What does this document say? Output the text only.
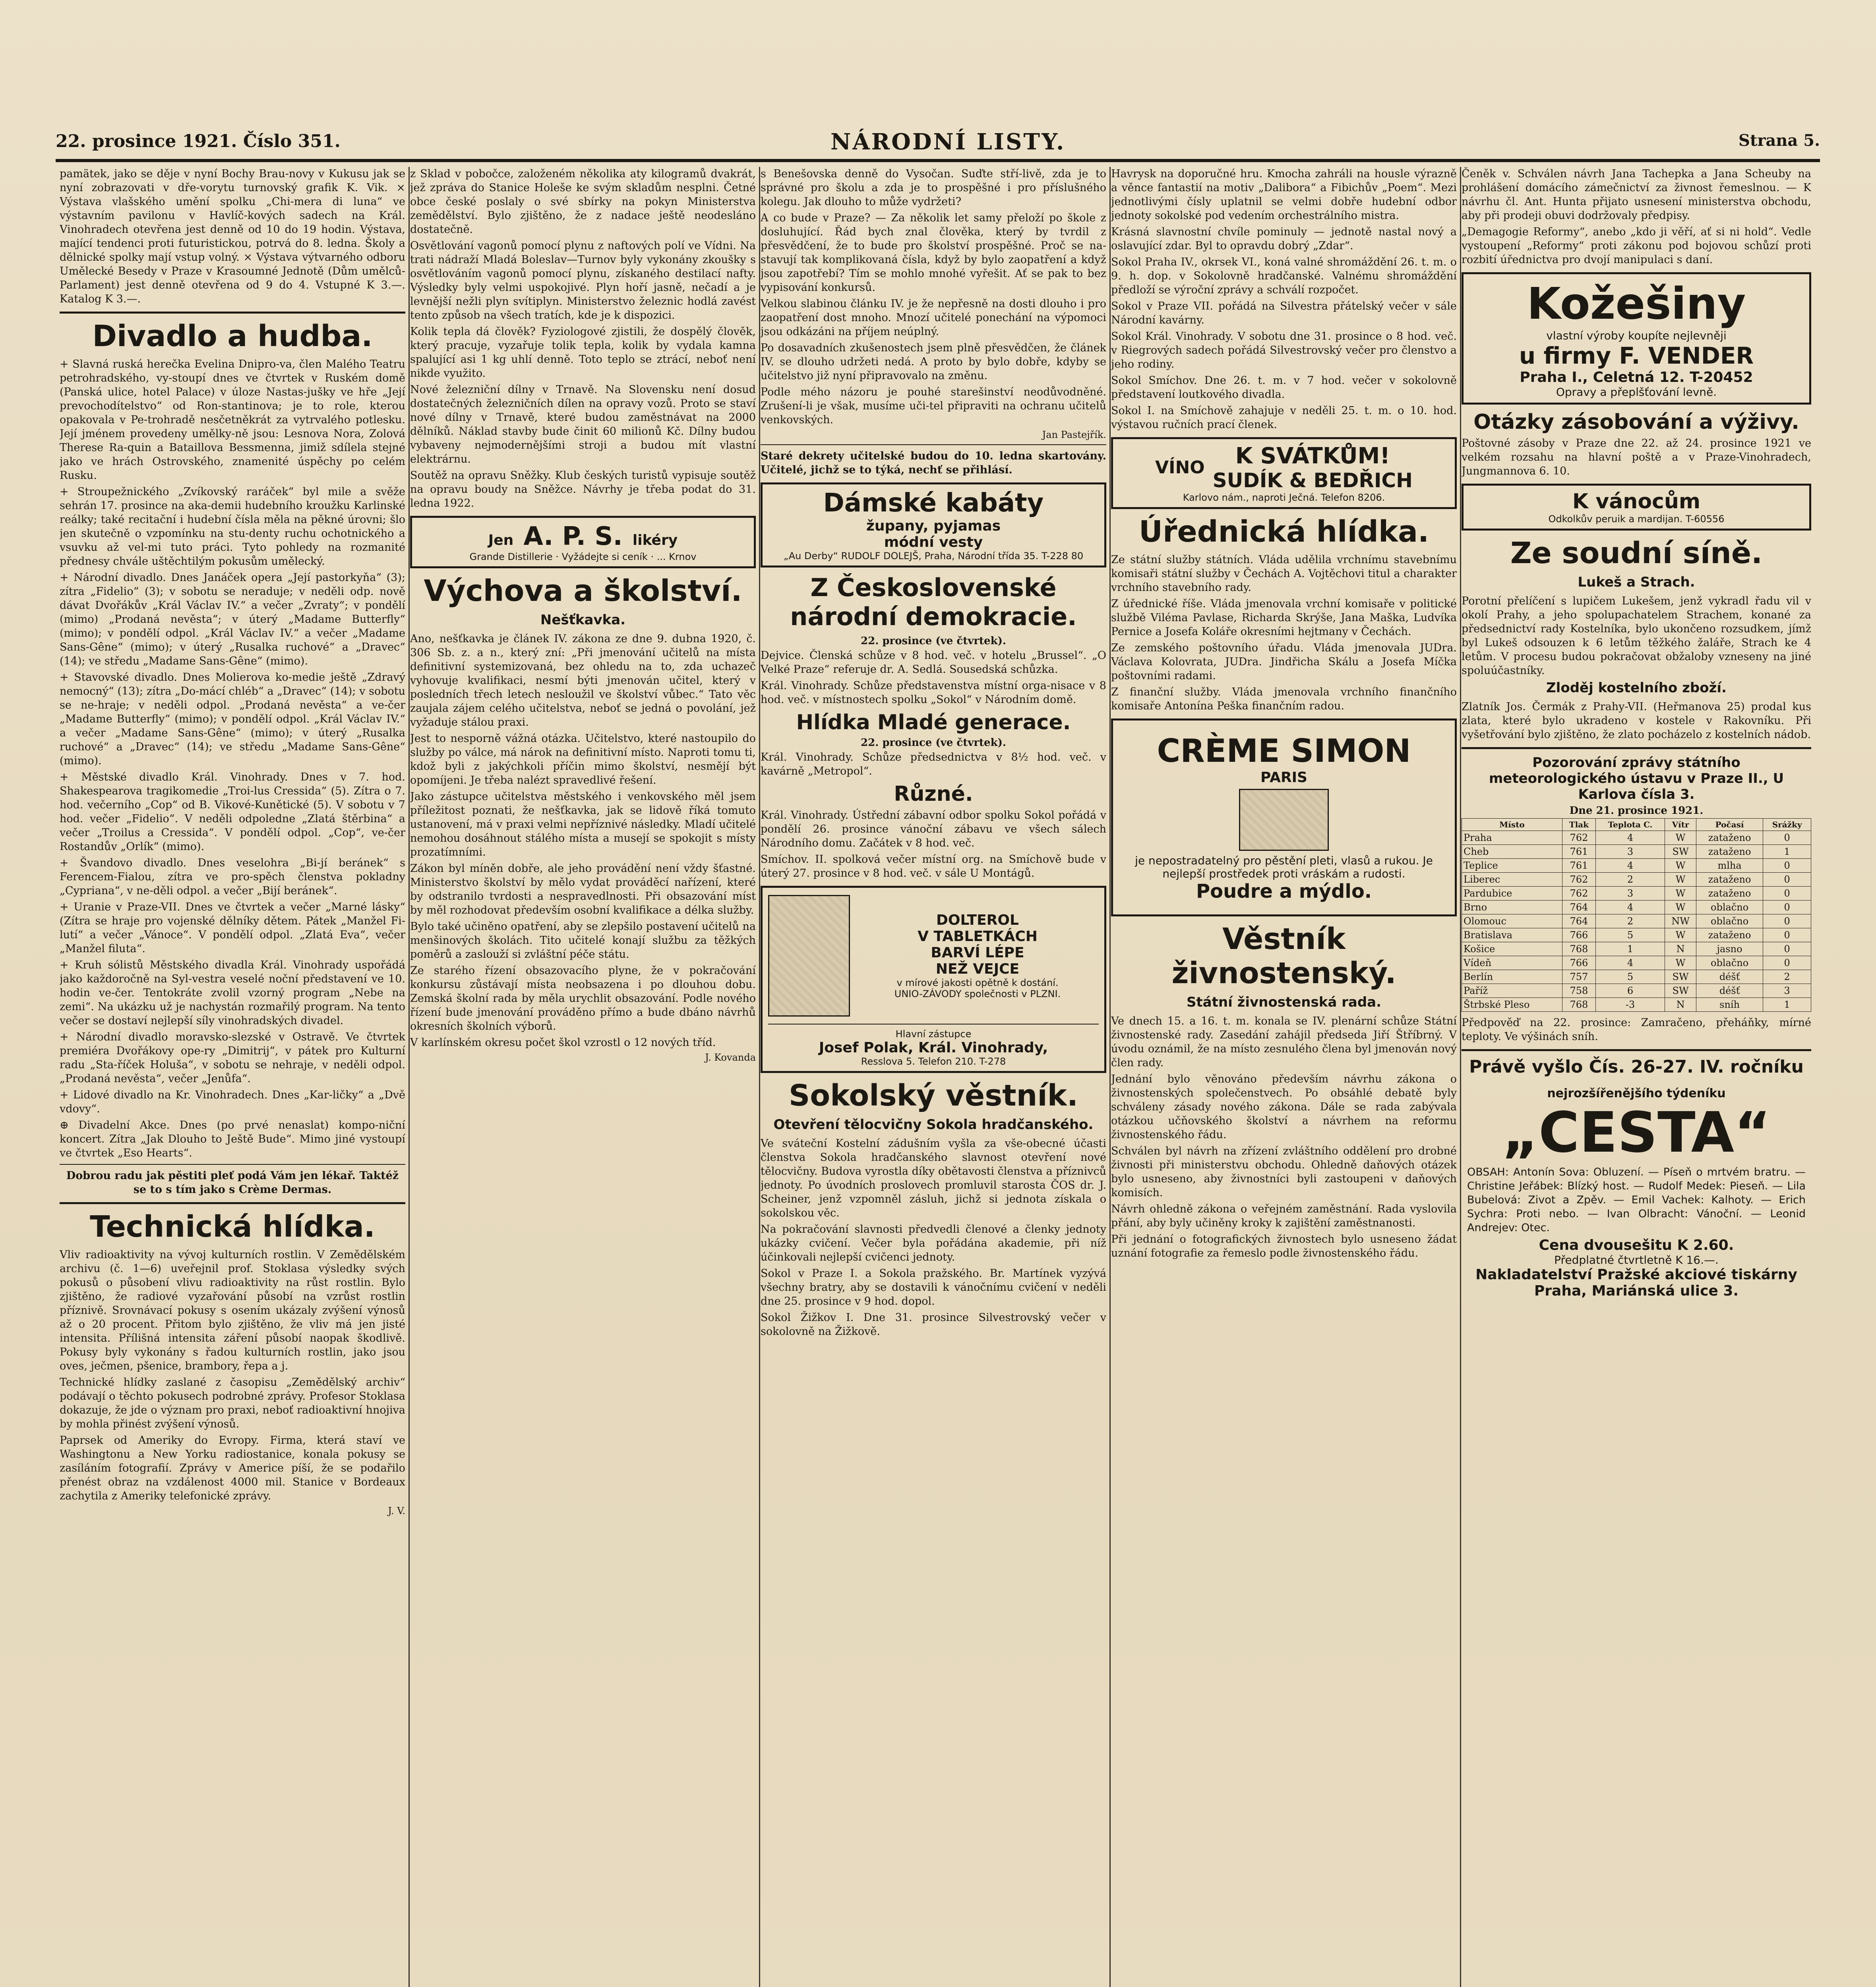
22. prosince 1921. Číslo 351.	NÁRODNÍ LISTY.	Strana 5.

pamätek, jako se děje v nyní Bochy Brau-novy v Kukusu jak se nyní zobrazovati v dře-vorytu turnovský grafik K. Vik. × Výstava vlašského umění spolku „Chi-mera di luna“ ve výstavním pavilonu v Havlíč-kových sadech na Král. Vinohradech otevřena jest denně od 10 do 19 hodin. Výstava, mající tendenci proti futuristickou, potrvá do 8. ledna. Školy a dělnické spolky mají vstup volný. × Výstava výtvarného odboru Umělecké Besedy v Praze v Krasoumné Jednotě (Dům umělců-Parlament) jest denně otevřena od 9 do 4. Vstupné K 3.—. Katalog K 3.—.

Divadlo a hudba.

+ Slavná ruská herečka Evelina Dnipro-va, člen Malého Teatru petrohradského, vy-stoupí dnes ve čtvrtek v Ruském domě (Panská ulice, hotel Palace) v úloze Nastas-jušky ve hře „Její prevochodítelstvo“ od Ron-stantinova; je to role, kterou opakovala v Pe-trohradě nesčetněkrát za vytrvalého potlesku. Její jménem provedeny umělky-ně jsou: Lesnova Nora, Zolová Therese Ra-quin a Bataillova Bessmenna, jimiž sdílela stejné jako ve hrách Ostrovského, znamenité úspěchy po celém Rusku.

+ Stroupežnického „Zvíkovský raráček“ byl mile a svěže sehrán 17. prosince na aka-demii hudebního kroužku Karlinské reálky; také recitační i hudební čísla měla na pěkné úrovni; šlo jen skutečně o vzpomínku na stu-denty ruchu ochotnického a vsuvku až vel-mi tuto práci. Tyto pohledy na rozmanité přednesy chvále uštěchtilým pokusům umělecký.

+ Národní divadlo. Dnes Janáček opera „Její pastorkyňa“ (3); zítra „Fidelio“ (3); v sobotu se neraduje; v neděli odp. nově dávat Dvořákův „Král Václav IV.“ a večer „Zvraty“; v pondělí (mimo) „Prodaná nevěsta“; v úterý „Madame Butterfly“ (mimo); v pondělí odpol. „Král Václav IV.“ a večer „Madame Sans-Gêne“ (mimo); v úterý „Rusalka ruchové“ a „Dravec“ (14); ve středu „Madame Sans-Gêne“ (mimo).

+ Stavovské divadlo. Dnes Molierova ko-medie ještě „Zdravý nemocný“ (13); zítra „Do-mácí chléb“ a „Dravec“ (14); v sobotu se ne-hraje; v neděli odpol. „Prodaná nevěsta“ a ve-čer „Madame Butterfly“ (mimo); v pondělí odpol. „Král Václav IV.“ a večer „Madame Sans-Gêne“ (mimo); v úterý „Rusalka ruchové“ a „Dravec“ (14); ve středu „Madame Sans-Gêne“ (mimo).

+ Městské divadlo Král. Vinohrady. Dnes v 7. hod. Shakespearova tragikomedie „Troi-lus Cressida“ (5). Zítra o 7. hod. večerního „Cop“ od B. Vikové-Kunětické (5). V sobotu v 7 hod. večer „Fidelio“. V neděli odpoledne „Zlatá štěrbina“ a večer „Troilus a Cressida“. V pondělí odpol. „Cop“, ve-čer Rostandův „Orlík“ (mimo).

+ Švandovo divadlo. Dnes veselohra „Bi-jí beránek“ s Ferencem-Fialou, zítra ve pro-spěch členstva pokladny „Cypriana“, v ne-děli odpol. a večer „Bijí beránek“.

+ Uranie v Praze-VII. Dnes ve čtvrtek a večer „Marné lásky“ (Zítra se hraje pro vojenské dělníky dětem. Pátek „Manžel Fi-lutí“ a večer „Vánoce“. V pondělí odpol. „Zlatá Eva“, večer „Manžel filuta“.

+ Kruh sólistů Městského divadla Král. Vinohrady uspořádá jako každoročně na Syl-vestra veselé noční představení ve 10. hodin ve-čer. Tentokráte zvolil vzorný program „Nebe na zemi“. Na ukázku už je nachystán rozmařilý program. Na tento večer se dostaví nejlepší síly vinohradských divadel.

+ Národní divadlo moravsko-slezské v Ostravě. Ve čtvrtek premiéra Dvořákovy ope-ry „Dimitrij“, v pátek pro Kulturní radu „Sta-říček Holuša“, v sobotu se nehraje, v neděli odpol. „Prodaná nevěsta“, večer „Jenůfa“.

+ Lidové divadlo na Kr. Vinohradech. Dnes „Kar-ličky“ a „Dvě vdovy“.

⊕ Divadelní Akce. Dnes (po prvé nenaslat) kompo-niční koncert. Zítra „Jak Dlouho to Ještě Bude“. Mimo jiné vystoupí ve čtvrtek „Eso Hearts“.

Dobrou radu jak pěstiti pleť podá Vám jen lékař. Taktéž se to s tím jako s Crème Dermas.

Technická hlídka.

Vliv radioaktivity na vývoj kulturních rostlin. V Zemědělském archivu (č. 1—6) uveřejnil prof. Stoklasa výsledky svých pokusů o působení vlivu radioaktivity na růst rostlin. Bylo zjištěno, že radiové vyzařování působí na vzrůst rostlin příznivě. Srovnávací pokusy s osením ukázaly zvýšení výnosů až o 20 procent. Přitom bylo zjištěno, že vliv má jen jisté intensita. Přílišná intensita záření působí naopak škodlivě. Pokusy byly vykonány s řadou kulturních rostlin, jako jsou oves, ječmen, pšenice, brambory, řepa a j.

Technické hlídky zaslané z časopisu „Zemědělský archiv“ podávají o těchto pokusech podrobné zprávy. Profesor Stoklasa dokazuje, že jde o význam pro praxi, neboť radioaktivní hnojiva by mohla přinést zvýšení výnosů.

Paprsek od Ameriky do Evropy. Firma, která staví ve Washingtonu a New Yorku radiostanice, konala pokusy se zasíláním fotografií. Zprávy v Americe píší, že se podařilo přenést obraz na vzdálenost 4000 mil. Stanice v Bordeaux zachytila z Ameriky telefonické zprávy.

J. V.

z Sklad v pobočce, založeném několika aty kilogramů dvakrát, jež zpráva do Stanice Holeše ke svým skladům nesplni. Četné obce české poslaly o své sbírky na pokyn Ministerstva zemědělství. Bylo zjištěno, že z nadace ještě neodesláno dostatečně.

Osvětlování vagonů pomocí plynu z naftových polí ve Vídni. Na trati nádraží Mladá Boleslav—Turnov byly vykonány zkoušky s osvětlováním vagonů pomocí plynu, získaného destilací nafty. Výsledky byly velmi uspokojivé. Plyn hoří jasně, nečadí a je levnější nežli plyn svítiplyn. Ministerstvo železnic hodlá zavést tento způsob na všech tratích, kde je k dispozici.

Kolik tepla dá člověk? Fyziologové zjistili, že dospělý člověk, který pracuje, vyzařuje tolik tepla, kolik by vydala kamna spalující asi 1 kg uhlí denně. Toto teplo se ztrácí, neboť není nikde využito.

Nové železniční dílny v Trnavě. Na Slovensku není dosud dostatečných železničních dílen na opravy vozů. Proto se staví nové dílny v Trnavě, které budou zaměstnávat na 2000 dělníků. Náklad stavby bude činit 60 milionů Kč. Dílny budou vybaveny nejmodernějšími stroji a budou mít vlastní elektrárnu.

Soutěž na opravu Sněžky. Klub českých turistů vypisuje soutěž na opravu boudy na Sněžce. Návrhy je třeba podat do 31. ledna 1922.

Jen A. P. S. likéry
Grande Distillerie · Vyžádejte si ceník · ... Krnov
Výchova a školství.
Nešťkavka.

Ano, nešťkavka je článek IV. zákona ze dne 9. dubna 1920, č. 306 Sb. z. a n., který zní: „Při jmenování učitelů na místa definitivní systemizovaná, bez ohledu na to, zda uchazeč vyhovuje kvalifikaci, nesmí býti jmenován učitel, který v posledních třech letech nesloužil ve školství vůbec.“ Tato věc zaujala zájem celého učitelstva, neboť se jedná o povolání, jež vyžaduje stálou praxi.

Jest to nesporně vážná otázka. Učitelstvo, které nastoupilo do služby po válce, má nárok na definitivní místo. Naproti tomu ti, kdož byli z jakýchkoli příčin mimo školství, nesmějí být opomíjeni. Je třeba nalézt spravedlivé řešení.

Jako zástupce učitelstva městského i venkovského měl jsem příležitost poznati, že nešťkavka, jak se lidově říká tomuto ustanovení, má v praxi velmi nepříznivé následky. Mladí učitelé nemohou dosáhnout stálého místa a musejí se spokojit s místy prozatímními.

Zákon byl míněn dobře, ale jeho provádění není vždy šťastné. Ministerstvo školství by mělo vydat prováděcí nařízení, které by odstranilo tvrdosti a nespravedlnosti. Při obsazování míst by měl rozhodovat především osobní kvalifikace a délka služby.

Bylo také učiněno opatření, aby se zlepšilo postavení učitelů na menšinových školách. Tito učitelé konají službu za těžkých poměrů a zaslouží si zvláštní péče státu.

Ze starého řízení obsazovacího plyne, že v pokračování konkursu zůstávají místa neobsazena i po dlouhou dobu. Zemská školní rada by měla urychlit obsazování. Podle nového řízení bude jmenování prováděno přímo a bude dbáno návrhů okresních školních výborů.

V karlínském okresu počet škol vzrostl o 12 nových tříd.

J. Kovanda

s Benešovska denně do Vysočan. Suďte stří-livě, zda je to správné pro školu a zda je to prospěšné i pro příslušného kolegu. Jak dlouho to může vydržeti?

A co bude v Praze? — Za několik let samy přeloží po škole z dosluhující. Řád bych znal člověka, který by tvrdil z přesvědčení, že to bude pro školství prospěšné. Proč se na-stavují tak komplikovaná čísla, když by bylo zaopatření a když jsou zapotřebí? Tím se mohlo mnohé vyřešit. Ať se pak to bez vypisování konkursů.

Velkou slabinou článku IV. je že nepřesně na dosti dlouho i pro zaopatření dost mnoho. Mnozí učitelé ponechání na výpomoci jsou odkázáni na příjem neúplný.

Po dosavadních zkušenostech jsem plně přesvědčen, že článek IV. se dlouho udržeti nedá. A proto by bylo dobře, kdyby se učitelstvo již nyní připravovalo na změnu.

Podle mého názoru je pouhé starešinství neodůvodněné. Zrušení-li je však, musíme uči-tel připraviti na ochranu učitelů venkovských.

Jan Pastejřík.

Staré dekrety učitelské budou do 10. ledna skartovány. Učitelé, jichž se to týká, nechť se přihlásí.

Dámské kabáty
župany, pyjamas
módní vesty
„Au Derby“ RUDOLF DOLEJŠ, Praha, Národní třída 35. T-228 80
Z Československé národní demokracie.
22. prosince (ve čtvrtek).

Dejvice. Členská schůze v 8 hod. več. v hotelu „Brussel“. „O Velké Praze“ referuje dr. A. Sedlá. Sousedská schůzka.

Král. Vinohrady. Schůze představenstva místní orga-nisace v 8 hod. več. v místnostech spolku „Sokol“ v Národním domě.

Hlídka Mladé generace.
22. prosince (ve čtvrtek).

Král. Vinohrady. Schůze předsednictva v 8½ hod. več. v kavárně „Metropol“.

Různé.

Král. Vinohrady. Ústřední zábavní odbor spolku Sokol pořádá v pondělí 26. prosince vánoční zábavu ve všech sálech Národního domu. Začátek v 8 hod. več.

Smíchov. II. spolková večer místní org. na Smíchově bude v úterý 27. prosince v 8 hod. več. v sále U Montágů.

DOLTEROL
V TABLETKÁCH
BARVÍ LÉPE
NEŽ VEJCE
v mírové jakosti opětně k dostání.
UNIO-ZÁVODY společnosti v PLZNI.
Hlavní zástupce
Josef Polak, Král. Vinohrady,
Resslova 5. Telefon 210. T-278
Sokolský věstník.
Otevření tělocvičny Sokola hradčanského.

Ve sváteční Kostelní zádušním vyšla za vše-obecné účasti členstva Sokola hradčanského slavnost otevření nové tělocvičny. Budova vyrostla díky obětavosti členstva a příznivců jednoty. Po úvodních proslovech promluvil starosta ČOS dr. J. Scheiner, jenž vzpomněl zásluh, jichž si jednota získala o sokolskou věc.

Na pokračování slavnosti předvedli členové a členky jednoty ukázky cvičení. Večer byla pořádána akademie, při níž účinkovali nejlepší cvičenci jednoty.

Sokol v Praze I. a Sokola pražského. Br. Martínek vyzývá všechny bratry, aby se dostavili k vánočnímu cvičení v neděli dne 25. prosince v 9 hod. dopol.

Sokol Žižkov I. Dne 31. prosince Silvestrovský večer v sokolovně na Žižkově.

Havrysk na doporučné hru. Kmocha zahráli na housle výrazně a věnce fantastií na motiv „Dalibora“ a Fibichův „Poem“. Mezi jednotlivými čísly uplatnil se velmi dobře hudební odbor jednoty sokolské pod vedením orchestrálního mistra.

Krásná slavnostní chvíle pominuly — jednotě nastal nový a oslavující zdar. Byl to opravdu dobrý „Zdar“.

Sokol Praha IV., okrsek VI., koná valné shromáždění 26. t. m. o 9. h. dop. v Sokolovně hradčanské. Valnému shromáždění předloží se výroční zprávy a schválí rozpočet.

Sokol v Praze VII. pořádá na Silvestra přátelský večer v sále Národní kavárny.

Sokol Král. Vinohrady. V sobotu dne 31. prosince o 8 hod. več. v Riegrových sadech pořádá Silvestrovský večer pro členstvo a jeho rodiny.

Sokol Smíchov. Dne 26. t. m. v 7 hod. večer v sokolovně představení loutkového divadla.

Sokol I. na Smíchově zahajuje v neděli 25. t. m. o 10. hod. výstavou ručních prací členek.

VÍNO	K SVÁTKŮM!
SUDÍK & BEDŘICH
Karlovo nám., naproti Ječná. Telefon 8206.
Úřednická hlídka.

Ze státní služby státních. Vláda udělila vrchnímu stavebnímu komisaři státní služby v Čechách A. Vojtěchovi titul a charakter vrchního stavebního rady.

Z úřednické říše. Vláda jmenovala vrchní komisaře v politické službě Viléma Pavlase, Richarda Skrýše, Jana Maška, Ludvíka Pernice a Josefa Koláře okresními hejtmany v Čechách.

Ze zemského poštovního úřadu. Vláda jmenovala JUDra. Václava Kolovrata, JUDra. Jindřicha Skálu a Josefa Míčka poštovními radami.

Z finanční služby. Vláda jmenovala vrchního finančního komisaře Antonína Peška finančním radou.

CRÈME SIMON
PARIS
je nepostradatelný pro pěstění pleti, vlasů a rukou. Je nejlepší prostředek proti vráskám a rudosti.
Poudre a mýdlo.
Věstník živnostenský.
Státní živnostenská rada.

Ve dnech 15. a 16. t. m. konala se IV. plenární schůze Státní živnostenské rady. Zasedání zahájil předseda Jiří Štříbrný. V úvodu oznámil, že na místo zesnulého člena byl jmenován nový člen rady.

Jednání bylo věnováno především návrhu zákona o živnostenských společenstvech. Po obsáhlé debatě byly schváleny zásady nového zákona. Dále se rada zabývala otázkou učňovského školství a návrhem na reformu živnostenského řádu.

Schválen byl návrh na zřízení zvláštního oddělení pro drobné živnosti při ministerstvu obchodu. Ohledně daňových otázek bylo usneseno, aby živnostníci byli zastoupeni v daňových komisích.

Návrh ohledně zákona o veřejném zaměstnání. Rada vyslovila přání, aby byly učiněny kroky k zajištění zaměstnanosti.

Při jednání o fotografických živnostech bylo usneseno žádat uznání fotografie za řemeslo podle živnostenského řádu.

Čeněk v. Schválen návrh Jana Tachepka a Jana Scheuby na prohlášení domácího zámečnictví za živnost řemeslnou. — K návrhu čl. Ant. Hunta přijato usnesení ministerstva obchodu, aby při prodeji obuvi dodržovaly předpisy.

„Demagogie Reformy“, anebo „kdo ji věří, ať si ni hold“. Vedle vystoupení „Reformy“ proti zákonu pod bojovou schůzí proti rozbití úřednictva pro dvojí manipulaci s daní.

Kožešiny
vlastní výroby koupíte nejlevněji
u firmy F. VENDER
Praha I., Celetná 12. T-20452
Opravy a přeplšťování levně.
Otázky zásobování a výživy.

Poštovné zásoby v Praze dne 22. až 24. prosince 1921 ve velkém rozsahu na hlavní poště a v Praze-Vinohradech, Jungmannova 6. 10.

K vánocům
Odkolkův peruik a mardijan. T-60556
Ze soudní síně.
Lukeš a Strach.

Porotní přelíčení s lupičem Lukešem, jenž vykradl řadu vil v okolí Prahy, a jeho spolupachatelem Strachem, konané za předsednictví rady Kostelníka, bylo ukončeno rozsudkem, jímž byl Lukeš odsouzen k 6 letům těžkého žaláře, Strach ke 4 letům. V procesu budou pokračovat obžaloby vzneseny na jiné spoluúčastníky.

Zloděj kostelního zboží.

Zlatník Jos. Čermák z Prahy-VII. (Heřmanova 25) prodal kus zlata, které bylo ukradeno v kostele v Rakovníku. Při vyšetřování bylo zjištěno, že zlato pocházelo z kostelních nádob.

Pozorování zprávy státního meteorologického ústavu v Praze II., U Karlova čísla 3.
Dne 21. prosince 1921.
Místo	Tlak	Teplota C.	Vítr	Počasí	Srážky
Praha	762	4	W	zataženo	0
Cheb	761	3	SW	zataženo	1
Teplice	761	4	W	mlha	0
Liberec	762	2	W	zataženo	0
Pardubice	762	3	W	zataženo	0
Brno	764	4	W	oblačno	0
Olomouc	764	2	NW	oblačno	0
Bratislava	766	5	W	zataženo	0
Košice	768	1	N	jasno	0
Vídeň	766	4	W	oblačno	0
Berlín	757	5	SW	déšť	2
Paříž	758	6	SW	déšť	3
Štrbské Pleso	768	-3	N	sníh	1

Předpověď na 22. prosince: Zamračeno, přeháňky, mírné teploty. Ve výšinách sníh.

Právě vyšlo Čís. 26-27. IV. ročníku
nejrozšířenějšího týdeníku
„CESTA“

OBSAH: Antonín Sova: Obluzení. — Píseň o mrtvém bratru. — Christine Jeřábek: Blízký host. — Rudolf Medek: Pieseň. — Lila Bubelová: Zivot a Zpěv. — Emil Vachek: Kalhoty. — Erich Sychra: Proti nebo. — Ivan Olbracht: Vánoční. — Leonid Andrejev: Otec.

Cena dvousešitu K 2.60.
Předplatné čtvrtletně K 16.—.
Nakladatelství Pražské akciové tiskárny
Praha, Mariánská ulice 3.
